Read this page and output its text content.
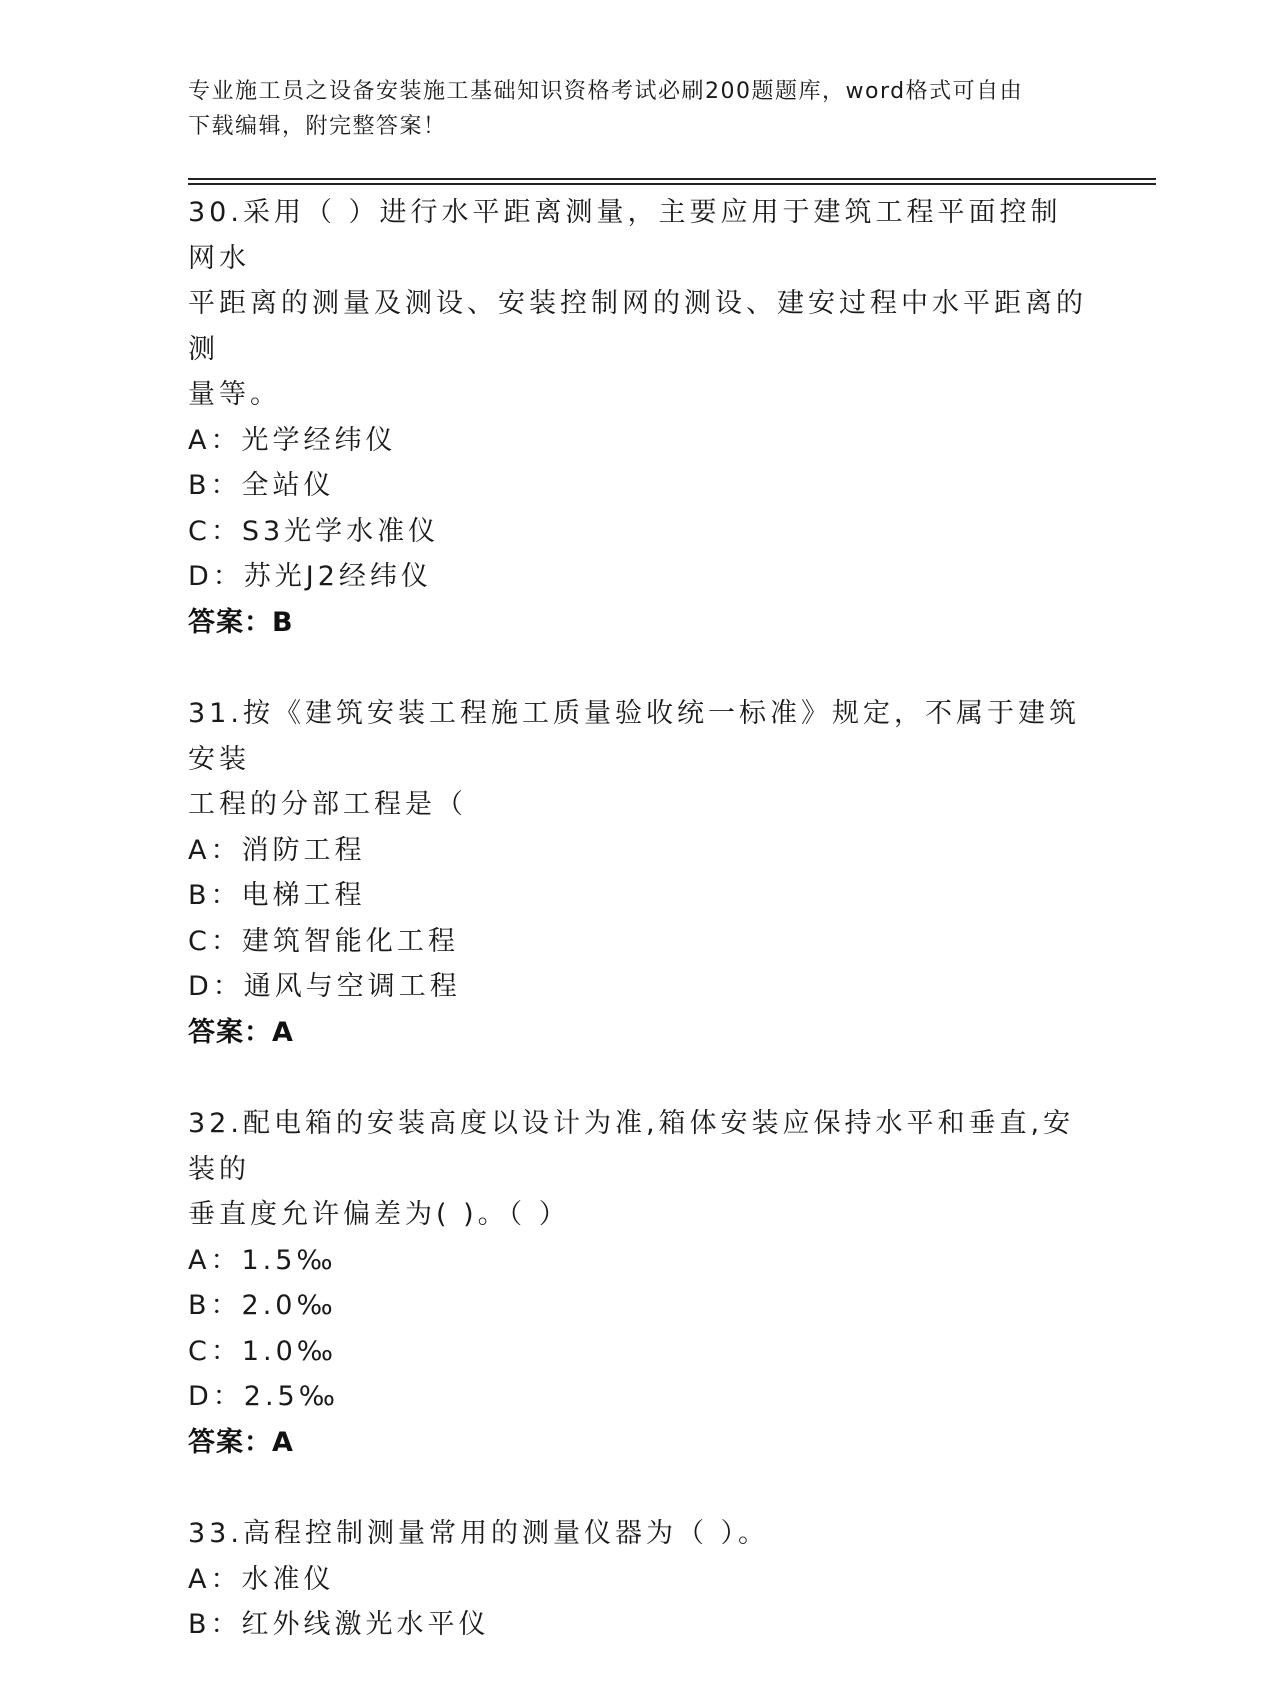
专业施工员之设备安装施工基础知识资格考试必刷200题题库，word格式可自由
下载编辑，附完整答案！
30.采用（ ）进行水平距离测量，主要应用于建筑工程平面控制网水
平距离的测量及测设、安装控制网的测设、建安过程中水平距离的测
量等。
A：光学经纬仪
B：全站仪
C：S3光学水准仪
D：苏光J2经纬仪
答案：B
31.按《建筑安装工程施工质量验收统一标准》规定，不属于建筑安装
工程的分部工程是（
A：消防工程
B：电梯工程
C：建筑智能化工程
D：通风与空调工程
答案：A
32.配电箱的安装高度以设计为准,箱体安装应保持水平和垂直,安装的
垂直度允许偏差为( )。（ ）
A：1.5‰
B：2.0‰
C：1.0‰
D：2.5‰
答案：A
33.高程控制测量常用的测量仪器为（ ）。
A：水准仪
B：红外线激光水平仪
